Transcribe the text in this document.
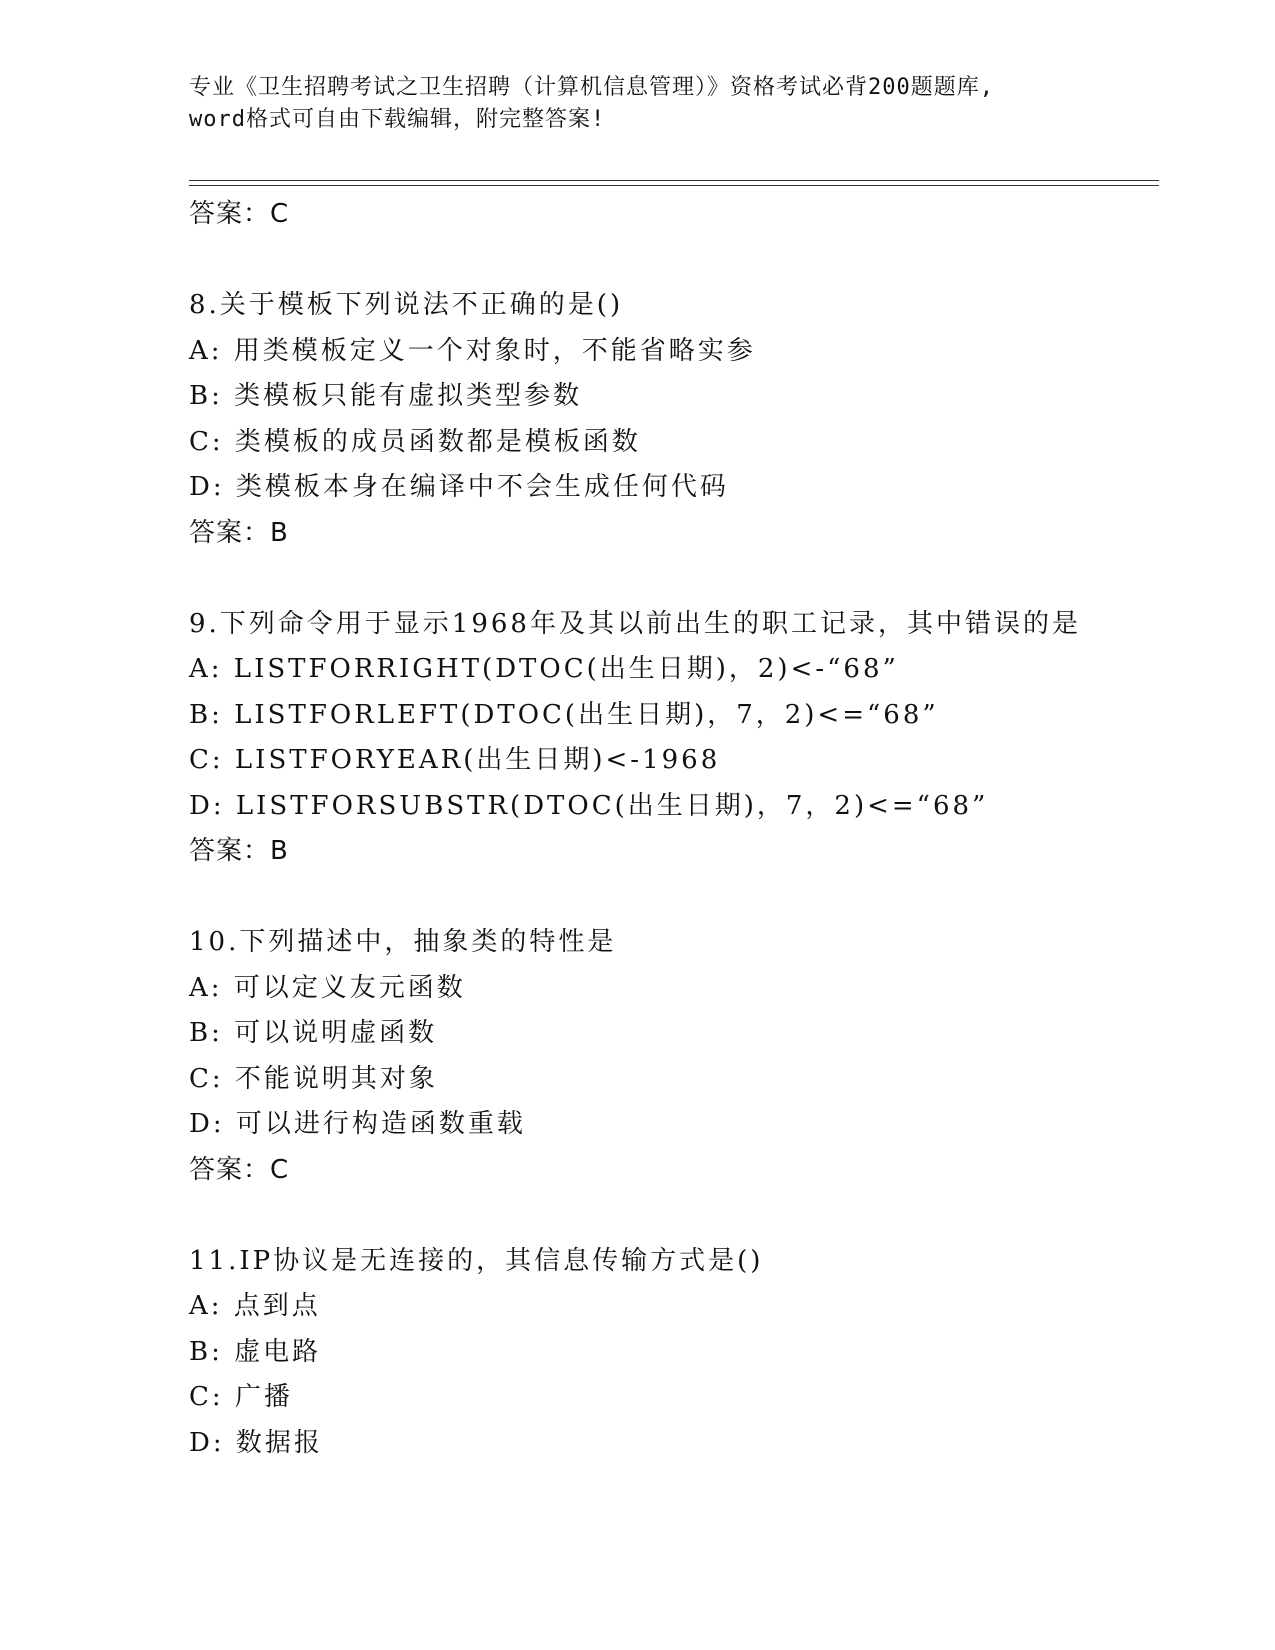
专业《卫生招聘考试之卫生招聘（计算机信息管理）》资格考试必背200题题库,
word格式可自由下载编辑，附完整答案!
答案：C
8.关于模板下列说法不正确的是()
A: 用类模板定义一个对象时，不能省略实参
B: 类模板只能有虚拟类型参数
C: 类模板的成员函数都是模板函数
D: 类模板本身在编译中不会生成任何代码
答案：B
9.下列命令用于显示1968年及其以前出生的职工记录，其中错误的是
A: LISTFORRIGHT(DTOC(出生日期)，2)<-“68”
B: LISTFORLEFT(DTOC(出生日期)，7，2)<=“68”
C: LISTFORYEAR(出生日期)<-1968
D: LISTFORSUBSTR(DTOC(出生日期)，7，2)<=“68”
答案：B
10.下列描述中，抽象类的特性是
A: 可以定义友元函数
B: 可以说明虚函数
C: 不能说明其对象
D: 可以进行构造函数重载
答案：C
11.IP协议是无连接的，其信息传输方式是()
A: 点到点
B: 虚电路
C: 广播
D: 数据报
